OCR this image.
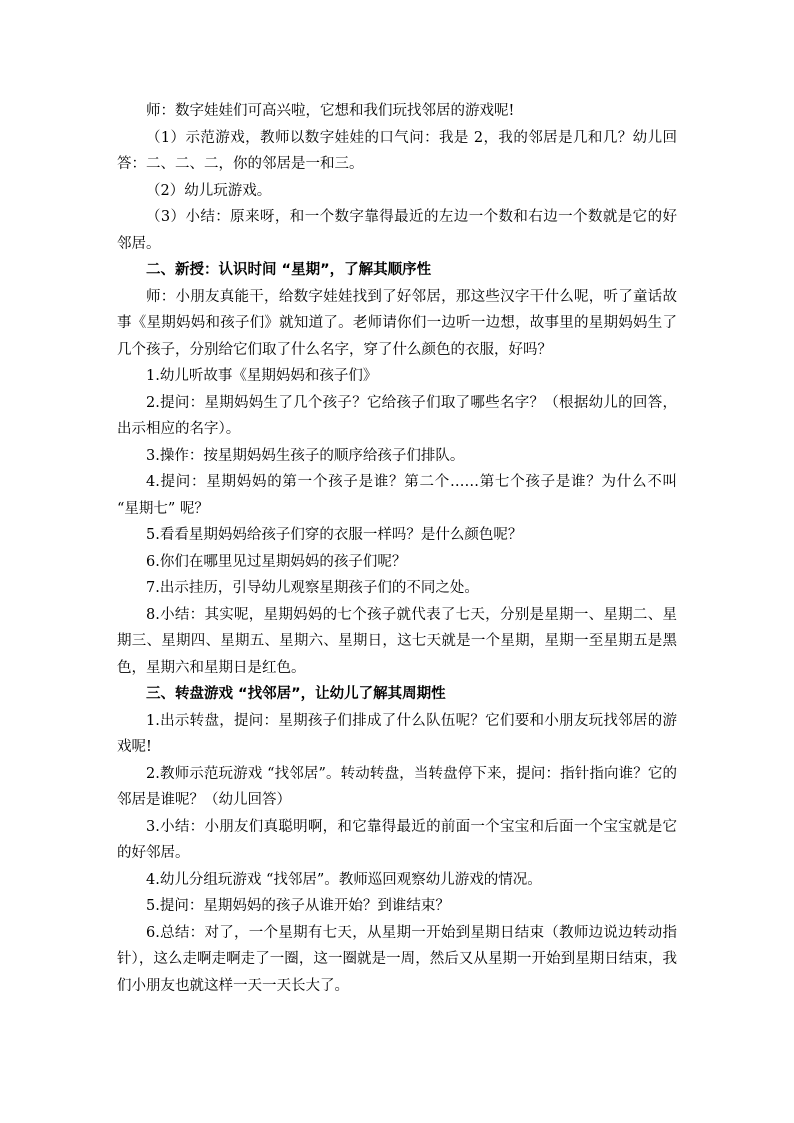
师：数字娃娃们可高兴啦，它想和我们玩找邻居的游戏呢!

（1）示范游戏，教师以数字娃娃的口气问：我是 2，我的邻居是几和几？幼儿回答：二、二、二，你的邻居是一和三。

（2）幼儿玩游戏。

（3）小结：原来呀，和一个数字靠得最近的左边一个数和右边一个数就是它的好邻居。

二、新授：认识时间 “星期”，了解其顺序性

师：小朋友真能干，给数字娃娃找到了好邻居，那这些汉字干什么呢，听了童话故事《星期妈妈和孩子们》就知道了。老师请你们一边听一边想，故事里的星期妈妈生了几个孩子，分别给它们取了什么名字，穿了什么颜色的衣服，好吗？

1.幼儿听故事《星期妈妈和孩子们》

2.提问：星期妈妈生了几个孩子？它给孩子们取了哪些名字？（根据幼儿的回答，出示相应的名字）。

3.操作：按星期妈妈生孩子的顺序给孩子们排队。

4.提问：星期妈妈的第一个孩子是谁？第二个……第七个孩子是谁？为什么不叫 “星期七” 呢？

5.看看星期妈妈给孩子们穿的衣服一样吗？是什么颜色呢？

6.你们在哪里见过星期妈妈的孩子们呢？

7.出示挂历，引导幼儿观察星期孩子们的不同之处。

8.小结：其实呢，星期妈妈的七个孩子就代表了七天，分别是星期一、星期二、星期三、星期四、星期五、星期六、星期日，这七天就是一个星期，星期一至星期五是黑色，星期六和星期日是红色。

三、转盘游戏 “找邻居”，让幼儿了解其周期性

1.出示转盘，提问：星期孩子们排成了什么队伍呢？它们要和小朋友玩找邻居的游戏呢!

2.教师示范玩游戏 “找邻居”。转动转盘，当转盘停下来，提问：指针指向谁？它的邻居是谁呢？（幼儿回答）

3.小结：小朋友们真聪明啊，和它靠得最近的前面一个宝宝和后面一个宝宝就是它的好邻居。

4.幼儿分组玩游戏 “找邻居”。教师巡回观察幼儿游戏的情况。

5.提问：星期妈妈的孩子从谁开始？到谁结束？

6.总结：对了，一个星期有七天，从星期一开始到星期日结束（教师边说边转动指针），这么走啊走啊走了一圈，这一圈就是一周，然后又从星期一开始到星期日结束，我们小朋友也就这样一天一天长大了。
